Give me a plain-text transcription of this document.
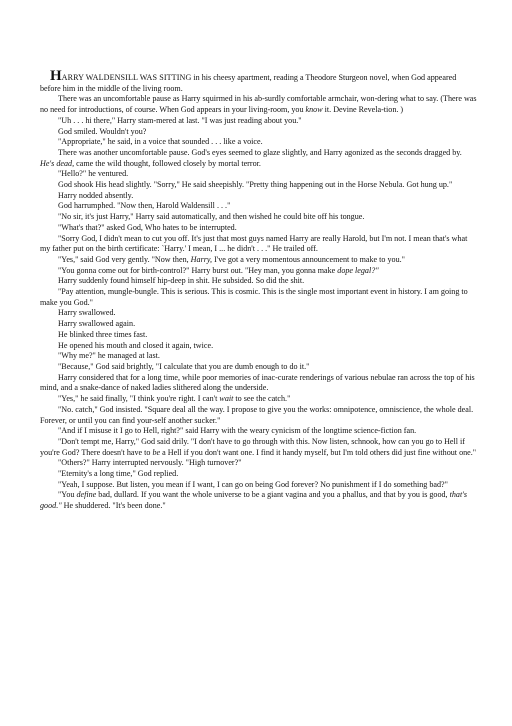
HARRY WALDENSILL WAS SITTING in his cheesy apartment, reading a Theodore Sturgeon novel, when God appeared before him in the middle of the living room.

There was an uncomfortable pause as Harry squirmed in his ab-surdly comfortable armchair, won-dering what to say. (There was no need for introductions, of course. When God appears in your living-room, you know it. Devine Revela-tion. )

"Uh . . . hi there," Harry stam-mered at last. "I was just reading about you."

God smiled. Wouldn't you?

"Appropriate," he said, in a voice that sounded . . . like a voice.

There was another uncomfortable pause. God's eyes seemed to glaze slightly, and Harry agonized as the seconds dragged by. He's dead, came the wild thought, followed closely by mortal terror.

"Hello?" he ventured.

God shook His head slightly. "Sorry," He said sheepishly. "Pretty thing happening out in the Horse Nebula. Got hung up."

Harry nodded absently.

God harrumphed. "Now then, Harold Waldensill . . ."

"No sir, it's just Harry," Harry said automatically, and then wished he could bite off his tongue.

"What's that?" asked God, Who hates to be interrupted.

"Sorry God, I didn't mean to cut you off. It's just that most guys named Harry are really Harold, but I'm not. I mean that's what my father put on the birth certificate: `Harry.' I mean, I ... he didn't . . ." He trailed off.

"Yes," said God very gently. "Now then, Harry, I've got a very momentous announcement to make to you."

"You gonna come out for birth-control?" Harry burst out. "Hey man, you gonna make dope legal?"

Harry suddenly found himself hip-deep in shit. He subsided. So did the shit.

"Pay attention, mungle-bungle. This is serious. This is cosmic. This is the single most important event in history. I am going to make you God."

Harry swallowed.

Harry swallowed again.

He blinked three times fast.

He opened his mouth and closed it again, twice.

"Why me?" he managed at last.

"Because," God said brightly, "I calculate that you are dumb enough to do it."

Harry considered that for a long time, while poor memories of inac-curate renderings of various nebulae ran across the top of his mind, and a snake-dance of naked ladies slithered along the underside.

"Yes," he said finally, "I think you're right. I can't wait to see the catch."

"No. catch," God insisted. "Square deal all the way. I propose to give you the works: omnipotence, omniscience, the whole deal. Forever, or until you can find your-self another sucker."

"And if I misuse it I go to Hell, right?" said Harry with the weary cynicism of the longtime science-fiction fan.

"Don't tempt me, Harry," God said drily. "I don't have to go through with this. Now listen, schnook, how can you go to Hell if you're God? There doesn't have to be a Hell if you don't want one. I find it handy myself, but I'm told others did just fine without one."

"Others?" Harry interrupted nervously. "High turnover?"

"Eternity's a long time," God replied.

"Yeah, I suppose. But listen, you mean if I want, I can go on being God forever? No punishment if I do something bad?"

"You define bad, dullard. If you want the whole universe to be a giant vagina and you a phallus, and that by you is good, that's good." He shuddered. "It's been done."
